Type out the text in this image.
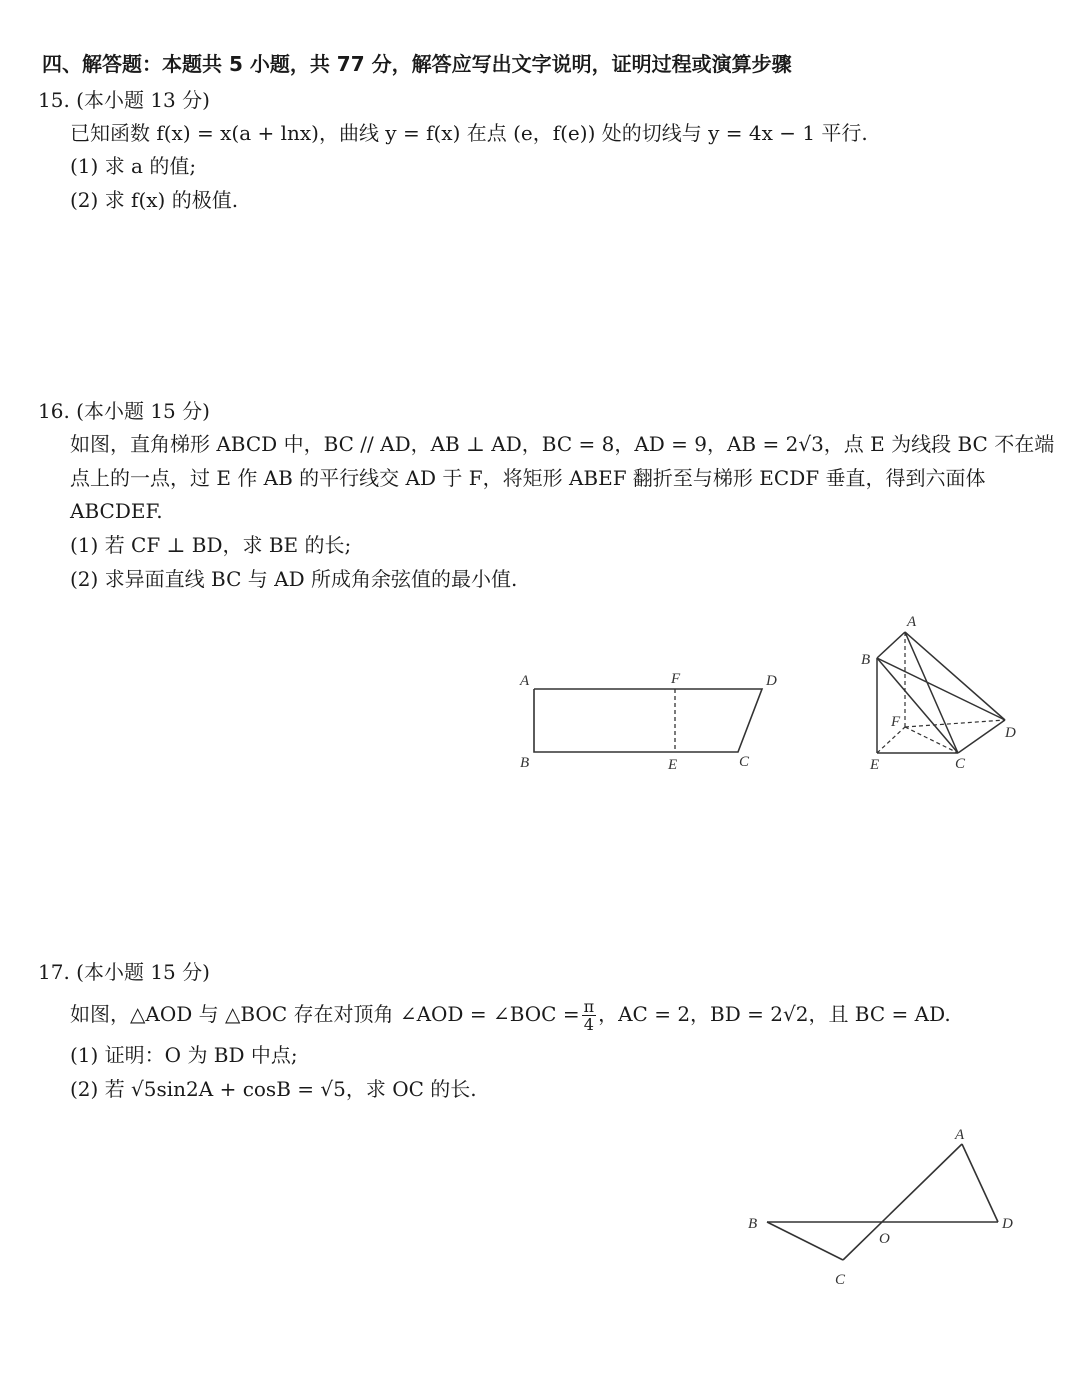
四、解答题：本题共 5 小题，共 77 分，解答应写出文字说明，证明过程或演算步骤
15. (本小题 13 分)
已知函数 f(x) = x(a + lnx)，曲线 y = f(x) 在点 (e，f(e)) 处的切线与 y = 4x − 1 平行.
(1) 求 a 的值;
(2) 求 f(x) 的极值.
16. (本小题 15 分)
如图，直角梯形 ABCD 中，BC // AD，AB ⊥ AD，BC = 8，AD = 9，AB = 2√3，点 E 为线段 BC 不在端
点上的一点，过 E 作 AB 的平行线交 AD 于 F，将矩形 ABEF 翻折至与梯形 ECDF 垂直，得到六面体
ABCDEF.
(1) 若 CF ⊥ BD，求 BE 的长;
(2) 求异面直线 BC 与 AD 所成角余弦值的最小值.
A	F	D
B	E	C
A
B
F
D
E	C
17. (本小题 15 分)
如图，△AOD 与 △BOC 存在对顶角 ∠AOD = ∠BOC = $\frac{\pi}{4}$ ，AC = 2，BD = 2√2，且 BC = AD.
(1) 证明：O 为 BD 中点;
(2) 若 √5sin2A + cosB = √5，求 OC 的长.
A
B
O
D
C
